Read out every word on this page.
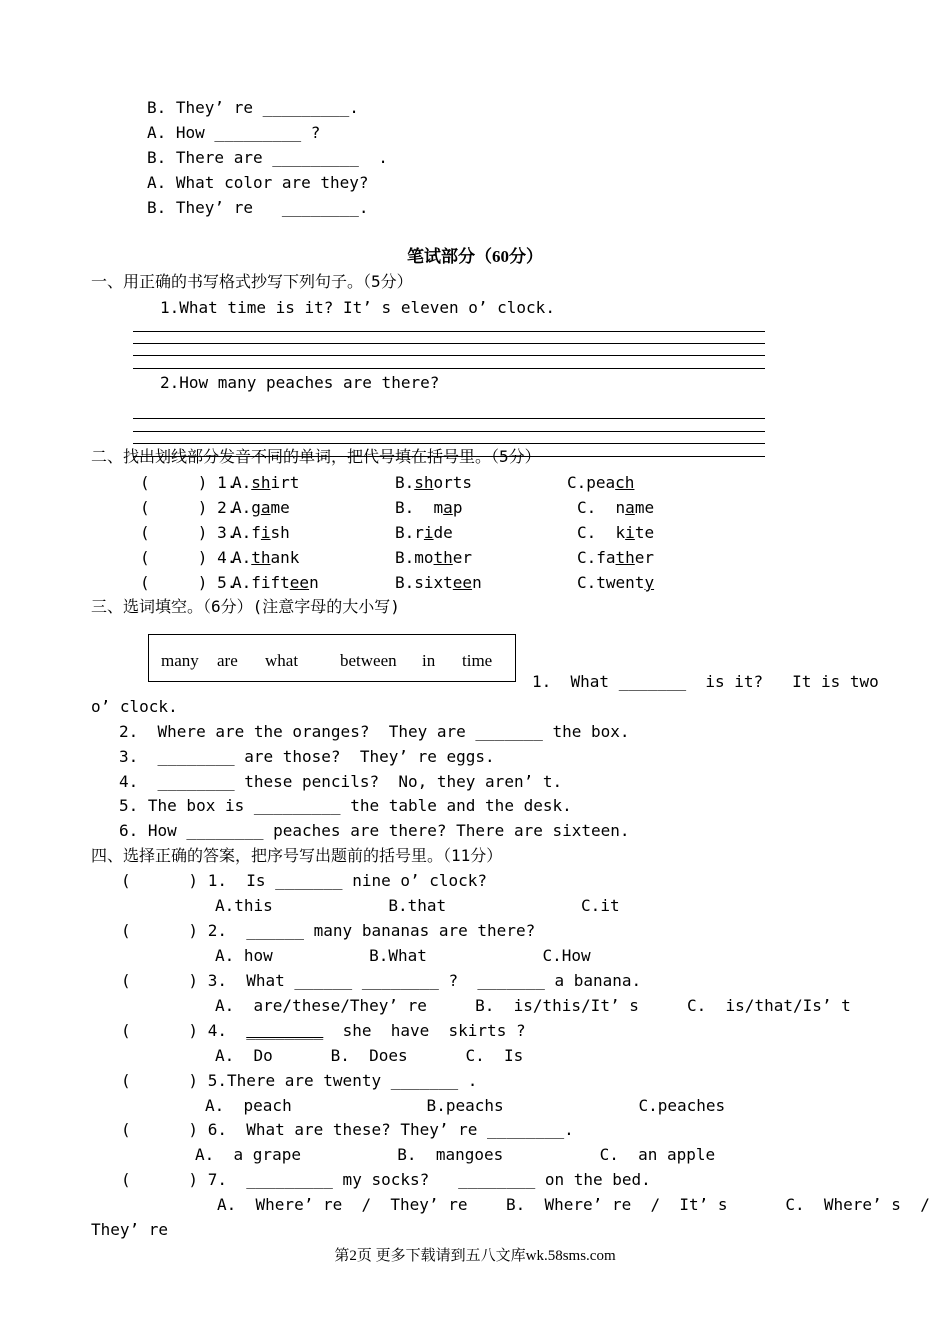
B. They’ re _________.
A. How _________ ?
B. There are _________  .
A. What color are they?
B. They’ re   ________.
笔试部分（60分）
一、用正确的书写格式抄写下列句子。（5分）
1.What time is it? It’ s eleven o’ clock.
2.How many peaches are there?
二、找出划线部分发音不同的单词，把代号填在括号里。（5分）
(     ) 1.
A.shirt	B.shorts	C.peach
(     ) 2.
A.game	B.  map	C.  name
(     ) 3.
A.fish	B.ride	C.  kite
(     ) 4.
A.thank	B.mother	C.father
(     ) 5.
A.fifteen	B.sixteen	C.twenty
三、选词填空。（6分）(注意字母的大小写)
many are what between in time
1.  What _______  is it?   It is two
o’ clock.
2.  Where are the oranges?  They are _______ the box.
3.  ________ are those?  They’ re eggs.
4.  ________ these pencils?  No, they aren’ t.
5. The box is _________ the table and the desk.
6. How ________ peaches are there? There are sixteen.
四、选择正确的答案，把序号写出题前的括号里。（11分）
(      ) 1.  Is _______ nine o’ clock?
A.this            B.that              C.it
(      ) 2.  ______ many bananas are there?
A. how          B.What            C.How
(      ) 3.  What ______ ________ ?  _______ a banana.
A.  are/these/They’ re     B.  is/this/It’ s     C.  is/that/Is’ t
(      ) 4.  ________  she  have  skirts ?
A.  Do      B.  Does      C.  Is
(      ) 5.There are twenty _______ .
A.  peach              B.peachs              C.peaches
(      ) 6.  What are these? They’ re ________.
A.  a grape          B.  mangoes          C.  an apple
(      ) 7.  _________ my socks?   ________ on the bed.
A.  Where’ re  /  They’ re    B.  Where’ re  /  It’ s      C.  Where’ s  /
They’ re
第2页 更多下载请到五八文库wk.58sms.com
